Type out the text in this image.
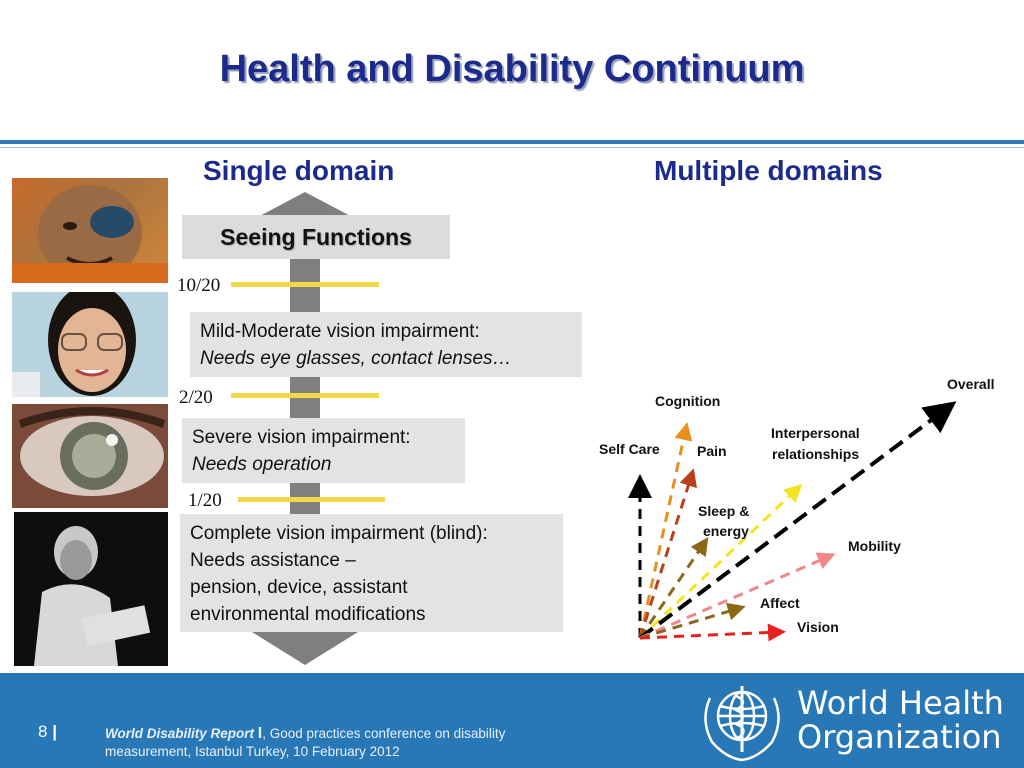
Health and Disability Continuum
Single domain	Multiple domains
Seeing Functions
10/20
2/20
1/20
Mild-Moderate vision impairment:
Needs eye glasses, contact lenses…
Severe vision impairment:
Needs operation
Complete vision impairment (blind):
Needs assistance –
pension, device, assistant
environmental modifications
Overall
Cognition
Interpersonal
relationships
Self Care	Pain
Sleep &
energy
Mobility
Affect
Vision
8 |	World Disability Report I, Good practices conference on disability measurement, Istanbul Turkey, 10 February 2012
World Health
Organization
